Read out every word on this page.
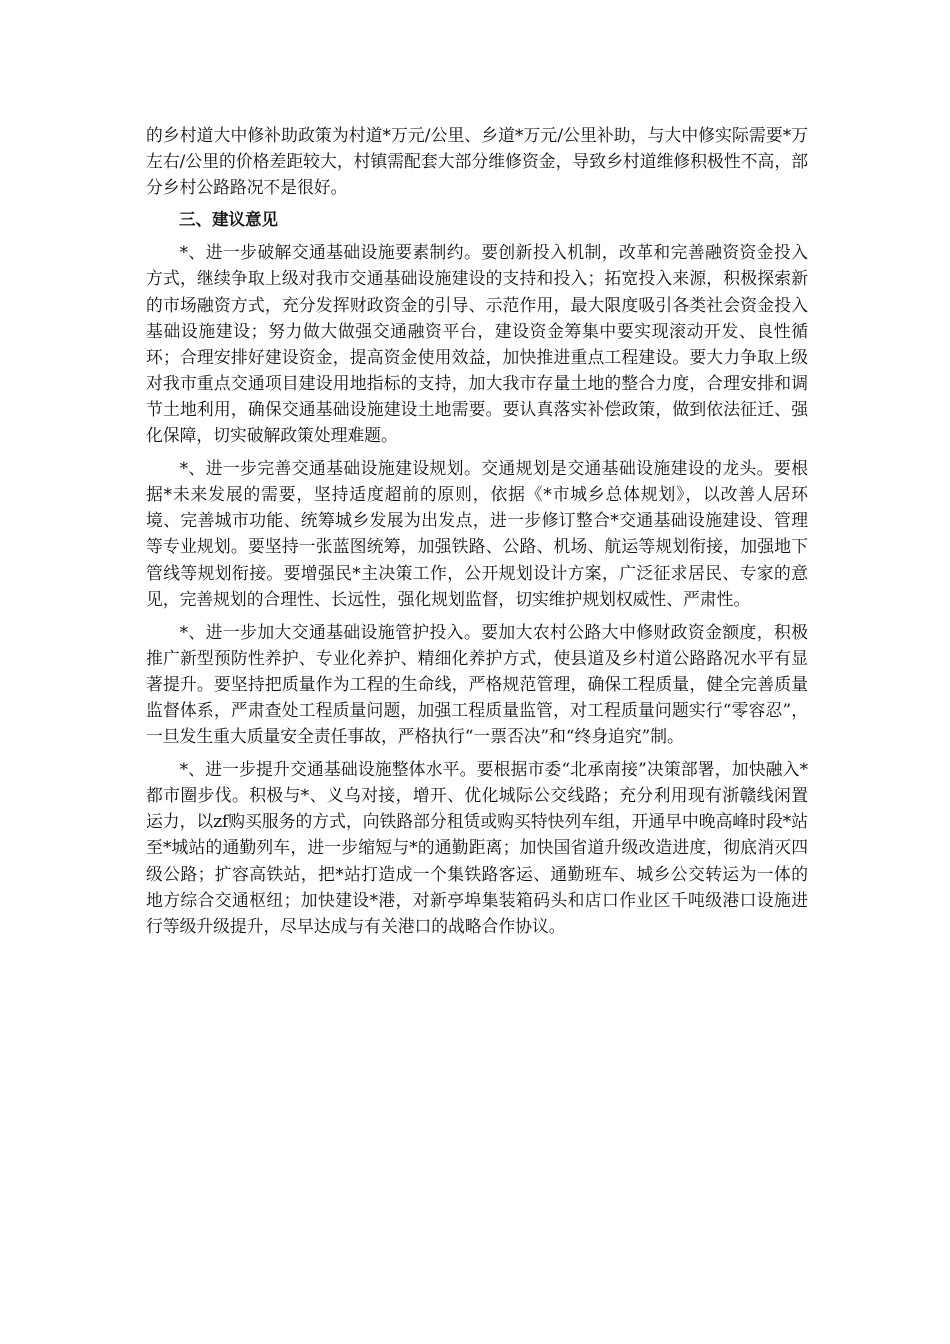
的乡村道大中修补助政策为村道*万元/公里、乡道*万元/公里补助，与大中修实际需要*万左右/公里的价格差距较大，村镇需配套大部分维修资金，导致乡村道维修积极性不高，部分乡村公路路况不是很好。

三、建议意见

*、进一步破解交通基础设施要素制约。要创新投入机制，改革和完善融资资金投入方式，继续争取上级对我市交通基础设施建设的支持和投入；拓宽投入来源，积极探索新的市场融资方式，充分发挥财政资金的引导、示范作用，最大限度吸引各类社会资金投入基础设施建设；努力做大做强交通融资平台，建设资金筹集中要实现滚动开发、良性循环；合理安排好建设资金，提高资金使用效益，加快推进重点工程建设。要大力争取上级对我市重点交通项目建设用地指标的支持，加大我市存量土地的整合力度，合理安排和调节土地利用，确保交通基础设施建设土地需要。要认真落实补偿政策，做到依法征迁、强化保障，切实破解政策处理难题。

*、进一步完善交通基础设施建设规划。交通规划是交通基础设施建设的龙头。要根据*未来发展的需要，坚持适度超前的原则，依据《*市城乡总体规划》，以改善人居环境、完善城市功能、统筹城乡发展为出发点，进一步修订整合*交通基础设施建设、管理等专业规划。要坚持一张蓝图统筹，加强铁路、公路、机场、航运等规划衔接，加强地下管线等规划衔接。要增强民*主决策工作，公开规划设计方案，广泛征求居民、专家的意见，完善规划的合理性、长远性，强化规划监督，切实维护规划权威性、严肃性。

*、进一步加大交通基础设施管护投入。要加大农村公路大中修财政资金额度，积极推广新型预防性养护、专业化养护、精细化养护方式，使县道及乡村道公路路况水平有显著提升。要坚持把质量作为工程的生命线，严格规范管理，确保工程质量，健全完善质量监督体系，严肃查处工程质量问题，加强工程质量监管，对工程质量问题实行“零容忍”，一旦发生重大质量安全责任事故，严格执行“一票否决”和“终身追究”制。

*、进一步提升交通基础设施整体水平。要根据市委“北承南接”决策部署，加快融入*都市圈步伐。积极与*、义乌对接，增开、优化城际公交线路；充分利用现有浙赣线闲置运力，以zf购买服务的方式，向铁路部分租赁或购买特快列车组，开通早中晚高峰时段*站至*城站的通勤列车，进一步缩短与*的通勤距离；加快国省道升级改造进度，彻底消灭四级公路；扩容高铁站，把*站打造成一个集铁路客运、通勤班车、城乡公交转运为一体的地方综合交通枢纽；加快建设*港，对新亭埠集装箱码头和店口作业区千吨级港口设施进行等级升级提升，尽早达成与有关港口的战略合作协议。
